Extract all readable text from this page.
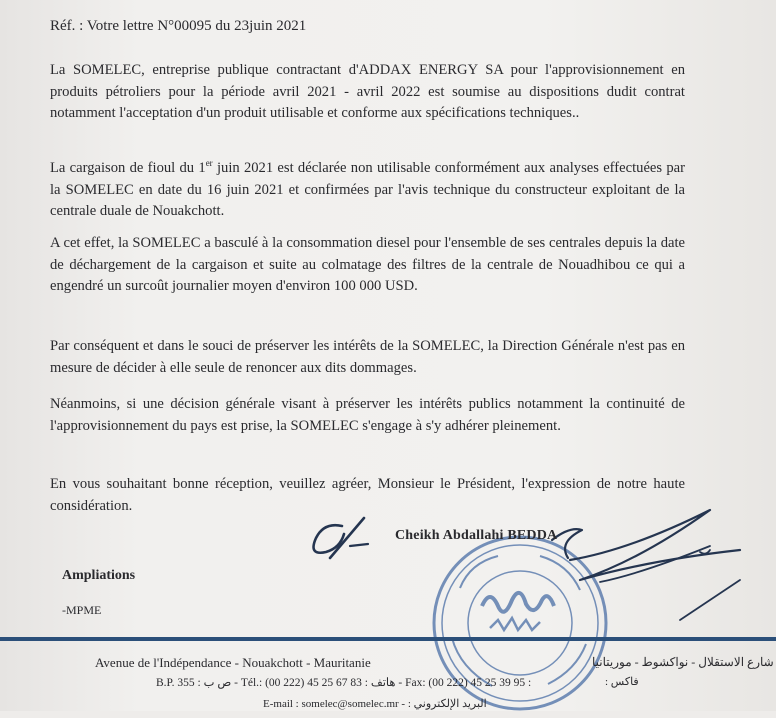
Réf. : Votre lettre N°00095 du 23juin 2021
La SOMELEC, entreprise publique contractant d'ADDAX ENERGY SA pour l'approvisionnement en produits pétroliers pour la période avril 2021 - avril 2022 est soumise au dispositions dudit contrat notamment l'acceptation d'un produit utilisable et conforme aux spécifications techniques..
La cargaison de fioul du 1er juin 2021 est déclarée non utilisable conformément aux analyses effectuées par la SOMELEC en date du 16 juin 2021 et confirmées par l'avis technique du constructeur exploitant de la centrale duale de Nouakchott.
A cet effet, la SOMELEC a basculé à la consommation diesel pour l'ensemble de ses centrales depuis la date de déchargement de la cargaison et suite au colmatage des filtres de la centrale de Nouadhibou ce qui a engendré un surcoût journalier moyen d'environ 100 000 USD.
Par conséquent et dans le souci de préserver les intérêts de la SOMELEC, la Direction Générale n'est pas en mesure de décider à elle seule de renoncer aux dits dommages.
Néanmoins, si une décision générale visant à préserver les intérêts publics notamment la continuité de l'approvisionnement du pays est prise, la SOMELEC s'engage à s'y adhérer pleinement.
En vous souhaitant bonne réception, veuillez agréer, Monsieur le Président, l'expression de notre haute considération.
Cheikh Abdallahi BEDDA
Ampliations
-MPME
Avenue de l'Indépendance - Nouakchott - Mauritanie	شارع الاستقلال - نواكشوط - موريتانيا
B.P. 355 : ص ب - Tél.: (00 222) 45 25 67 83 : هاتف - Fax: (00 222) 45 25 39 95 :	فاكس :
E-mail : somelec@somelec.mr - : البريد الإلكتروني
